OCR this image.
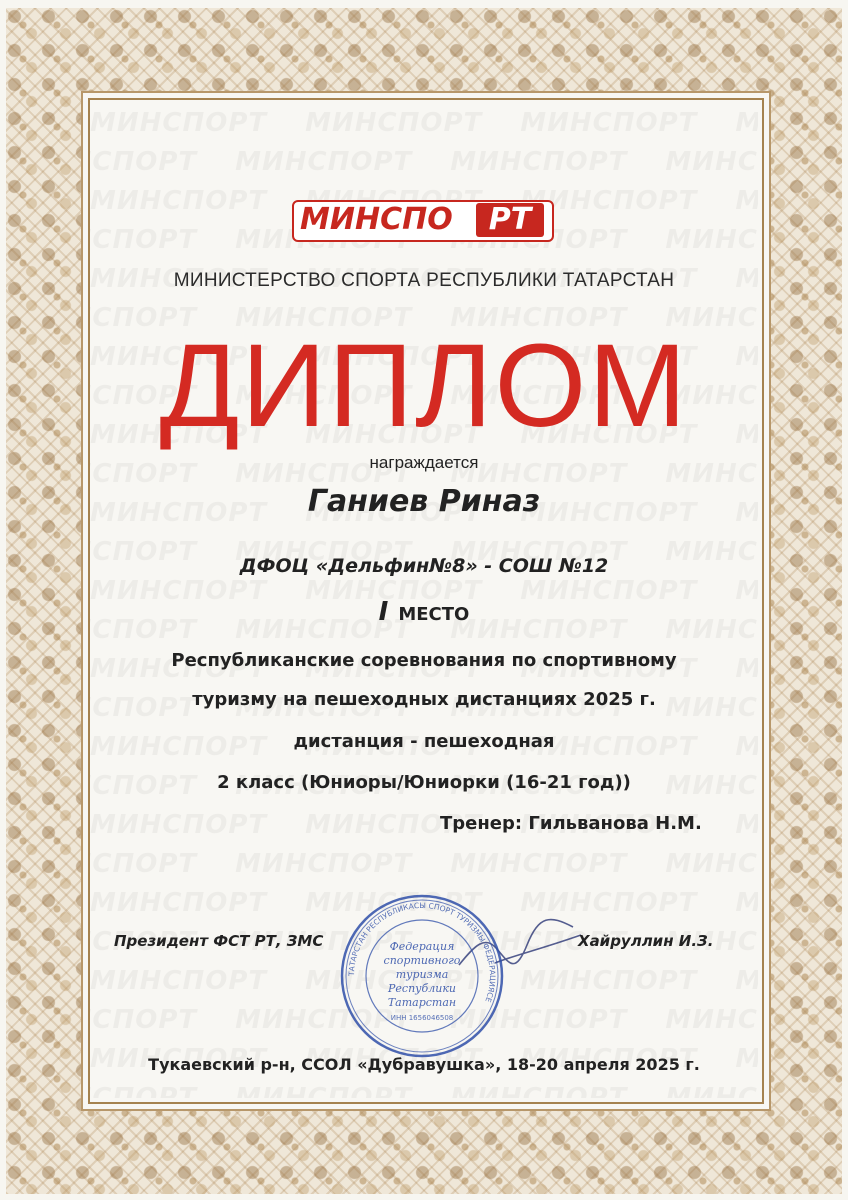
МИНСПО	РТ
МИНИСТЕРСТВО СПОРТА РЕСПУБЛИКИ ТАТАРСТАН
ДИПЛОМ
награждается
Ганиев Риназ
ДФОЦ «Дельфин№8» - СОШ №12
I МЕСТО
Республиканские соревнования по спортивному
туризму на пешеходных дистанциях 2025 г.
дистанция - пешеходная
2 класс (Юниоры/Юниорки (16-21 год))
Тренер: Гильванова Н.М.
Президент ФСТ РТ, ЗМС
ТАТАРСТАН РЕСПУБЛИКАСЫ СПОРТ ТУРИЗМЫ ФЕДЕРАЦИЯСЕ
Федерация
спортивного
туризма
Республики
Татарстан
ИНН 1656046508
Хайруллин И.З.
Тукаевский р-н, ССОЛ «Дубравушка», 18-20 апреля 2025 г.
